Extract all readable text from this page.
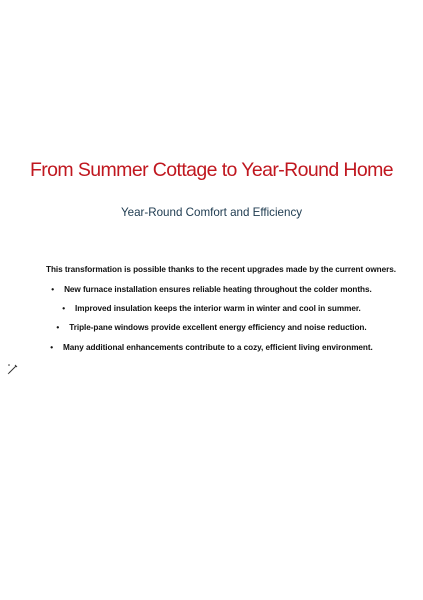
From Summer Cottage to Year-Round Home
Year-Round Comfort and Efficiency
This transformation is possible thanks to the recent upgrades made by the current owners.
• New furnace installation ensures reliable heating throughout the colder months.
• Improved insulation keeps the interior warm in winter and cool in summer.
• Triple-pane windows provide excellent energy efficiency and noise reduction.
• Many additional enhancements contribute to a cozy, efficient living environment.
